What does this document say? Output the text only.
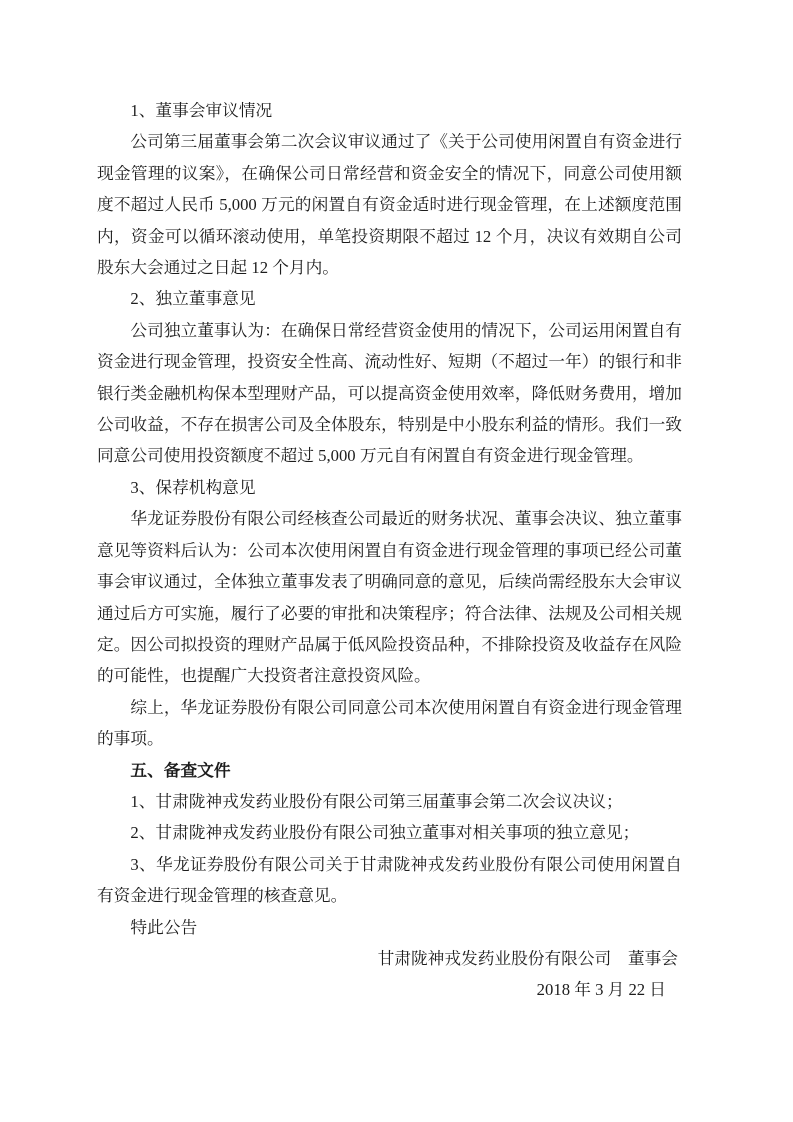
1、董事会审议情况

公司第三届董事会第二次会议审议通过了《关于公司使用闲置自有资金进行现金管理的议案》，在确保公司日常经营和资金安全的情况下，同意公司使用额度不超过人民币 5,000 万元的闲置自有资金适时进行现金管理，在上述额度范围内，资金可以循环滚动使用，单笔投资期限不超过 12 个月，决议有效期自公司股东大会通过之日起 12 个月内。

2、独立董事意见

公司独立董事认为：在确保日常经营资金使用的情况下，公司运用闲置自有资金进行现金管理，投资安全性高、流动性好、短期（不超过一年）的银行和非银行类金融机构保本型理财产品，可以提高资金使用效率，降低财务费用，增加公司收益，不存在损害公司及全体股东，特别是中小股东利益的情形。我们一致同意公司使用投资额度不超过 5,000 万元自有闲置自有资金进行现金管理。

3、保荐机构意见

华龙证券股份有限公司经核查公司最近的财务状况、董事会决议、独立董事意见等资料后认为：公司本次使用闲置自有资金进行现金管理的事项已经公司董事会审议通过，全体独立董事发表了明确同意的意见，后续尚需经股东大会审议通过后方可实施，履行了必要的审批和决策程序；符合法律、法规及公司相关规定。因公司拟投资的理财产品属于低风险投资品种，不排除投资及收益存在风险的可能性，也提醒广大投资者注意投资风险。

综上，华龙证券股份有限公司同意公司本次使用闲置自有资金进行现金管理的事项。

五、备查文件

1、甘肃陇神戎发药业股份有限公司第三届董事会第二次会议决议；

2、甘肃陇神戎发药业股份有限公司独立董事对相关事项的独立意见；

3、华龙证券股份有限公司关于甘肃陇神戎发药业股份有限公司使用闲置自有资金进行现金管理的核查意见。

特此公告

甘肃陇神戎发药业股份有限公司　董事会

2018 年 3 月 22 日
